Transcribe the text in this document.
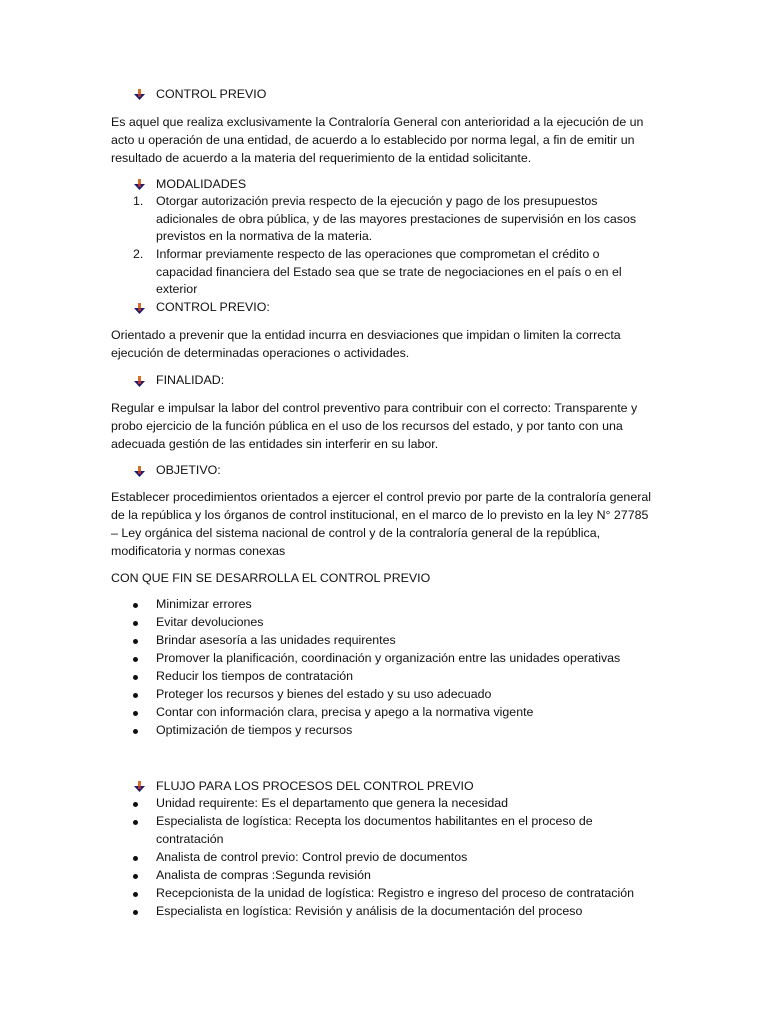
CONTROL PREVIO
Es aquel que realiza exclusivamente la Contraloría General con anterioridad a la ejecución de un acto u operación de una entidad, de acuerdo a lo establecido por norma legal, a fin de emitir un resultado de acuerdo a la materia del requerimiento de la entidad solicitante.
MODALIDADES
1. Otorgar autorización previa respecto de la ejecución y pago de los presupuestos adicionales de obra pública, y de las mayores prestaciones de supervisión en los casos previstos en la normativa de la materia.
2. Informar previamente respecto de las operaciones que comprometan el crédito o capacidad financiera del Estado sea que se trate de negociaciones en el país o en el exterior
CONTROL PREVIO:
Orientado a prevenir que la entidad incurra en desviaciones que impidan o limiten la correcta ejecución de determinadas operaciones o actividades.
FINALIDAD:
Regular e impulsar la labor del control preventivo para contribuir con el correcto: Transparente y probo ejercicio de la función pública en el uso de los recursos del estado, y por tanto con una adecuada gestión de las entidades sin interferir en su labor.
OBJETIVO:
Establecer procedimientos orientados a ejercer el control previo por parte de la contraloría general de la república y los órganos de control institucional, en el marco de lo previsto en la ley N° 27785 – Ley orgánica del sistema nacional de control y de la contraloría general de la república, modificatoria y normas conexas
CON QUE FIN SE DESARROLLA EL CONTROL PREVIO
Minimizar errores
Evitar devoluciones
Brindar asesoría a las unidades requirentes
Promover la planificación, coordinación y organización entre las unidades operativas
Reducir los tiempos de contratación
Proteger los recursos y bienes del estado y su uso adecuado
Contar con información clara, precisa y apego a la normativa vigente
Optimización de tiempos y recursos
FLUJO PARA LOS PROCESOS DEL CONTROL PREVIO
Unidad requirente: Es el departamento que genera la necesidad
Especialista de logística: Recepta los documentos habilitantes en el proceso de contratación
Analista de control previo: Control previo de documentos
Analista de compras :Segunda revisión
Recepcionista de la unidad de logística: Registro e ingreso del proceso de contratación
Especialista en logística: Revisión y análisis de la documentación del proceso
